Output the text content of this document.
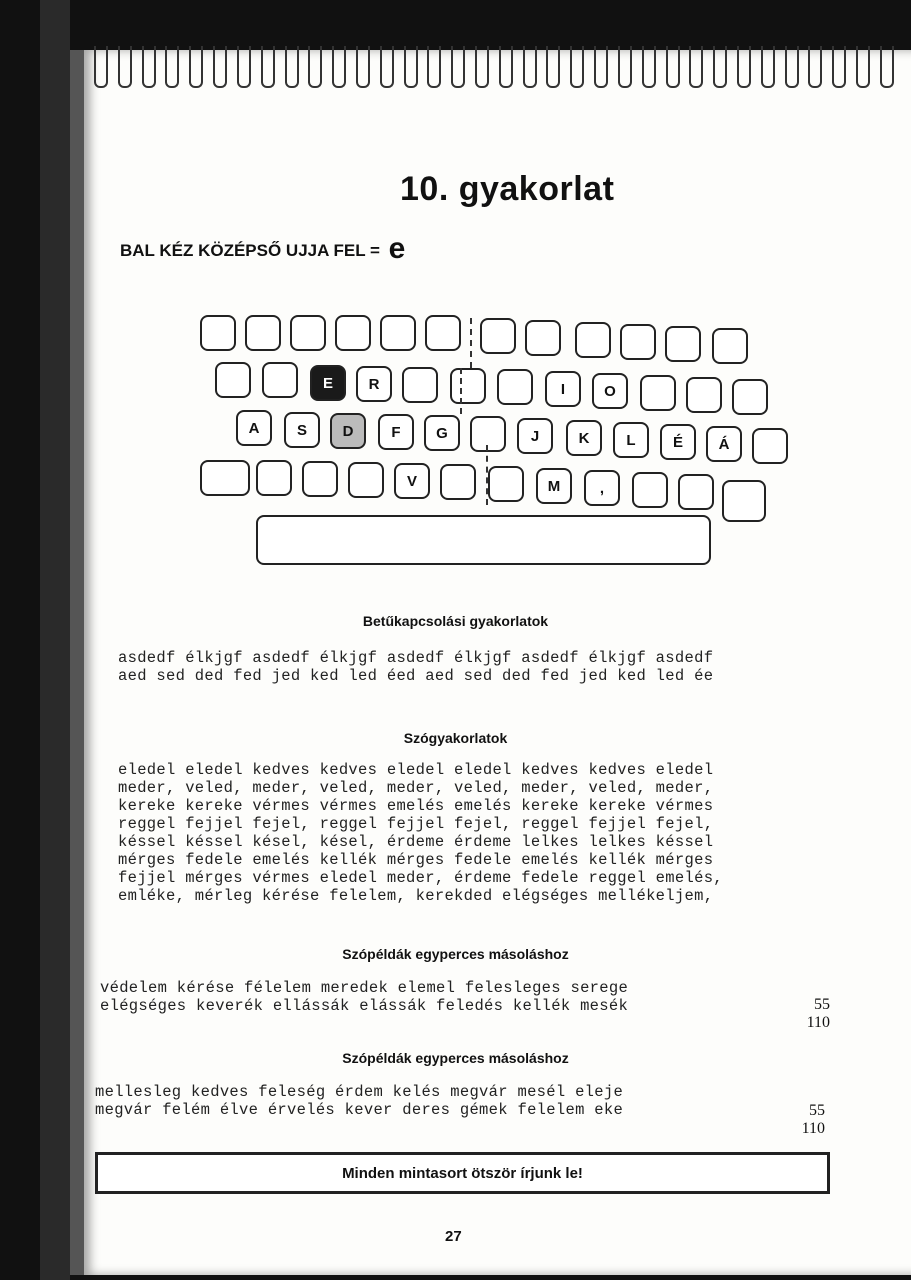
10. gyakorlat
BAL KÉZ KÖZÉPSŐ UJJA FEL = e
E	R	I	O
A	S	D	F	G	J	K	L	É	Á
V	M	,
Betűkapcsolási gyakorlatok
asdedf élkjgf asdedf élkjgf asdedf élkjgf asdedf élkjgf asdedf
aed sed ded fed jed ked led éed aed sed ded fed jed ked led ée
Szógyakorlatok
eledel eledel kedves kedves eledel eledel kedves kedves eledel
meder, veled, meder, veled, meder, veled, meder, veled, meder,
kereke kereke vérmes vérmes emelés emelés kereke kereke vérmes
reggel fejjel fejel, reggel fejjel fejel, reggel fejjel fejel,
késsel késsel késel, késel, érdeme érdeme lelkes lelkes késsel
mérges fedele emelés kellék mérges fedele emelés kellék mérges
fejjel mérges vérmes eledel meder, érdeme fedele reggel emelés,
emléke, mérleg kérése felelem, kerekded elégséges mellékeljem,
Szópéldák egyperces másoláshoz
védelem kérése félelem meredek elemel felesleges serege
elégséges keverék ellássák elássák feledés kellék mesék	55
110
Szópéldák egyperces másoláshoz
mellesleg kedves feleség érdem kelés megvár mesél eleje
megvár felém élve érvelés kever deres gémek felelem eke	55
110
Minden mintasort ötször írjunk le!
27
